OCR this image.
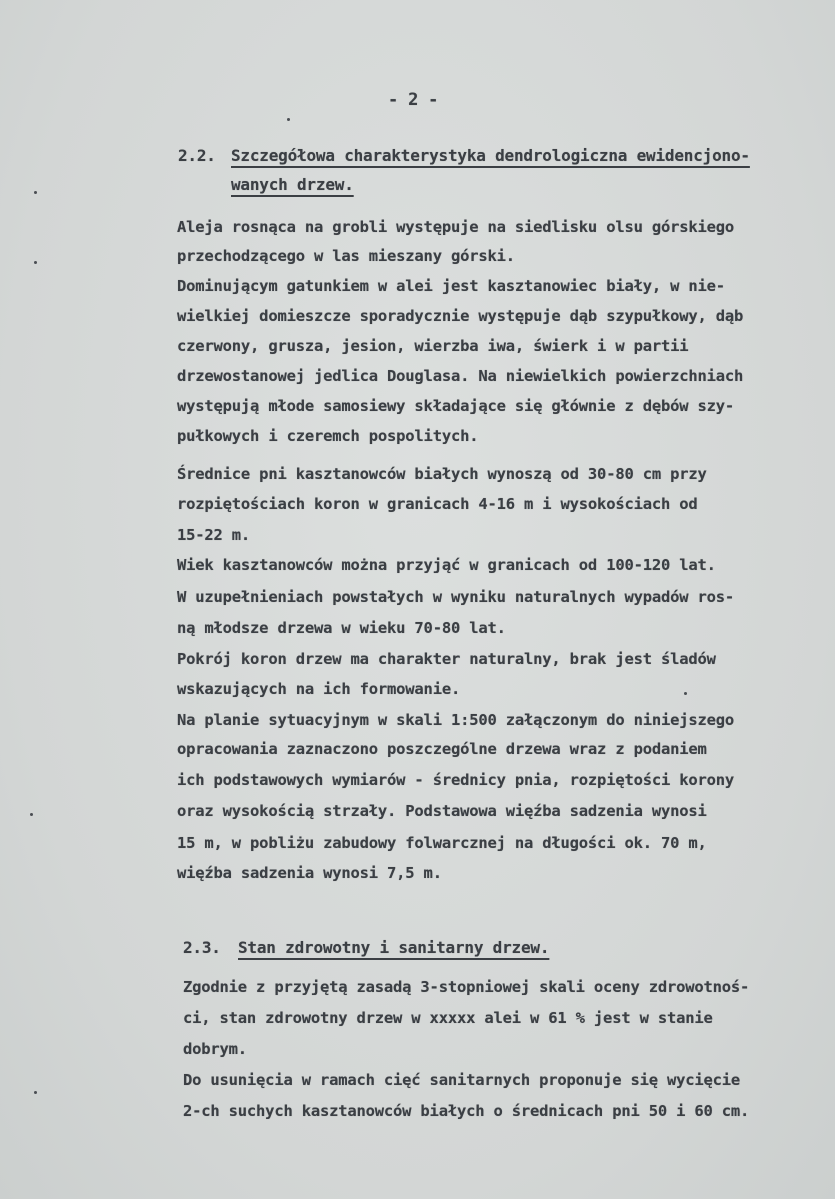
- 2 -
2.2. Szczegółowa charakterystyka dendrologiczna ewidencjono-
wanych drzew.
Aleja rosnąca na grobli występuje na siedlisku olsu górskiego
przechodzącego w las mieszany górski.
Dominującym gatunkiem w alei jest kasztanowiec biały, w nie-
wielkiej domieszcze sporadycznie występuje dąb szypułkowy, dąb
czerwony, grusza, jesion, wierzba iwa, świerk i w partii
drzewostanowej jedlica Douglasa. Na niewielkich powierzchniach
występują młode samosiewy składające się głównie z dębów szy-
pułkowych i czeremch pospolitych.
Średnice pni kasztanowców białych wynoszą od 30-80 cm przy
rozpiętościach koron w granicach 4-16 m i wysokościach od
15-22 m.
Wiek kasztanowców można przyjąć w granicach od 100-120 lat.
W uzupełnieniach powstałych w wyniku naturalnych wypadów ros-
ną młodsze drzewa w wieku 70-80 lat.
Pokrój koron drzew ma charakter naturalny, brak jest śladów
wskazujących na ich formowanie.
Na planie sytuacyjnym w skali 1:500 załączonym do niniejszego
opracowania zaznaczono poszczególne drzewa wraz z podaniem
ich podstawowych wymiarów - średnicy pnia, rozpiętości korony
oraz wysokością strzały. Podstawowa więźba sadzenia wynosi
15 m, w pobliżu zabudowy folwarcznej na długości ok. 70 m,
więźba sadzenia wynosi 7,5 m.
2.3. Stan zdrowotny i sanitarny drzew.
Zgodnie z przyjętą zasadą 3-stopniowej skali oceny zdrowotnoś-
ci, stan zdrowotny drzew w xxxxx alei w 61 % jest w stanie
dobrym.
Do usunięcia w ramach cięć sanitarnych proponuje się wycięcie
2-ch suchych kasztanowców białych o średnicach pni 50 i 60 cm.
